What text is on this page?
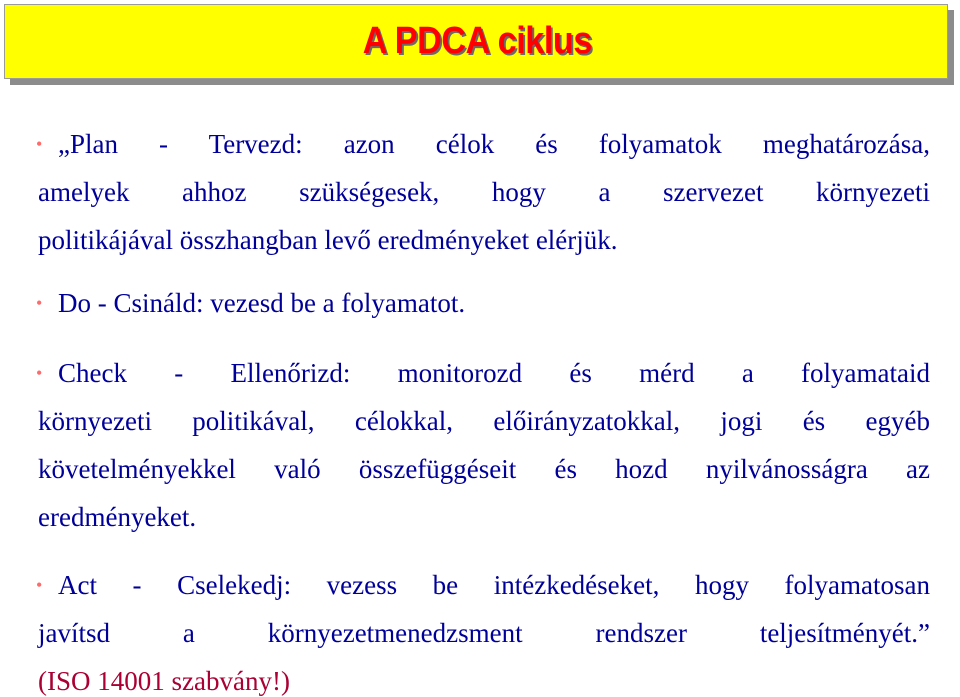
A PDCA ciklus
• „Plan - Tervezd: azon célok és folyamatok meghatározása,
amelyek ahhoz szükségesek, hogy a szervezet környezeti
politikájával összhangban levő eredményeket elérjük.
• Do - Csináld: vezesd be a folyamatot.
• Check - Ellenőrizd: monitorozd és mérd a folyamataid
környezeti politikával, célokkal, előirányzatokkal, jogi és egyéb
követelményekkel való összefüggéseit és hozd nyilvánosságra az
eredményeket.
• Act - Cselekedj: vezess be intézkedéseket, hogy folyamatosan
javítsd a környezetmenedzsment rendszer teljesítményét.”
(ISO 14001 szabvány!)
